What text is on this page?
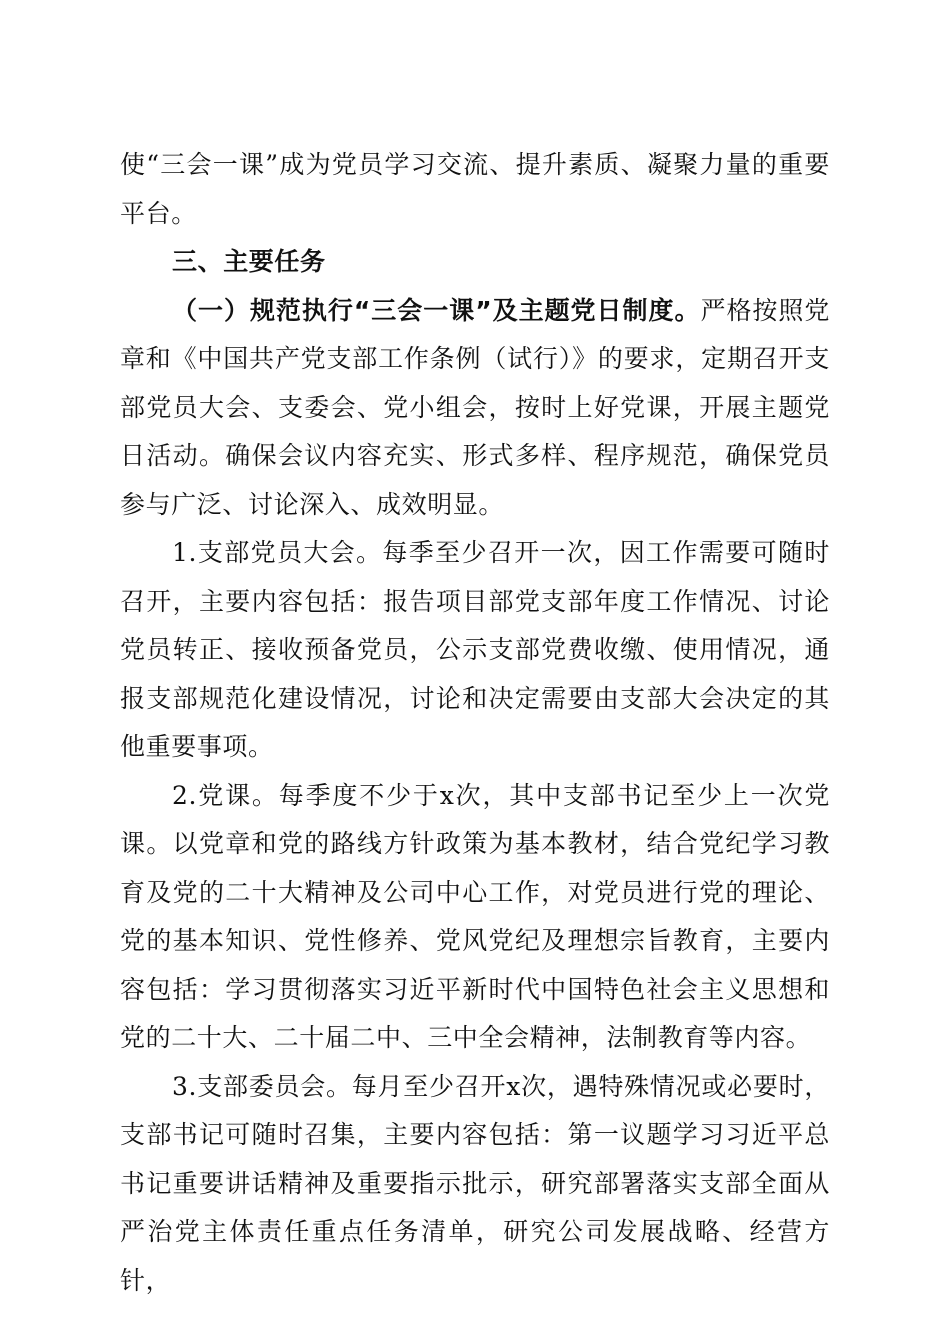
使“三会一课”成为党员学习交流、提升素质、凝聚力量的重要平台。

三、主要任务

（一）规范执行“三会一课”及主题党日制度。严格按照党章和《中国共产党支部工作条例（试行）》的要求，定期召开支部党员大会、支委会、党小组会，按时上好党课，开展主题党日活动。确保会议内容充实、形式多样、程序规范，确保党员参与广泛、讨论深入、成效明显。

1.支部党员大会。每季至少召开一次，因工作需要可随时召开，主要内容包括：报告项目部党支部年度工作情况、讨论党员转正、接收预备党员，公示支部党费收缴、使用情况，通报支部规范化建设情况，讨论和决定需要由支部大会决定的其他重要事项。

2.党课。每季度不少于x次，其中支部书记至少上一次党课。以党章和党的路线方针政策为基本教材，结合党纪学习教育及党的二十大精神及公司中心工作，对党员进行党的理论、党的基本知识、党性修养、党风党纪及理想宗旨教育，主要内容包括：学习贯彻落实习近平新时代中国特色社会主义思想和党的二十大、二十届二中、三中全会精神，法制教育等内容。

3.支部委员会。每月至少召开x次，遇特殊情况或必要时，支部书记可随时召集，主要内容包括：第一议题学习习近平总书记重要讲话精神及重要指示批示，研究部署落实支部全面从严治党主体责任重点任务清单，研究公司发展战略、经营方针，
